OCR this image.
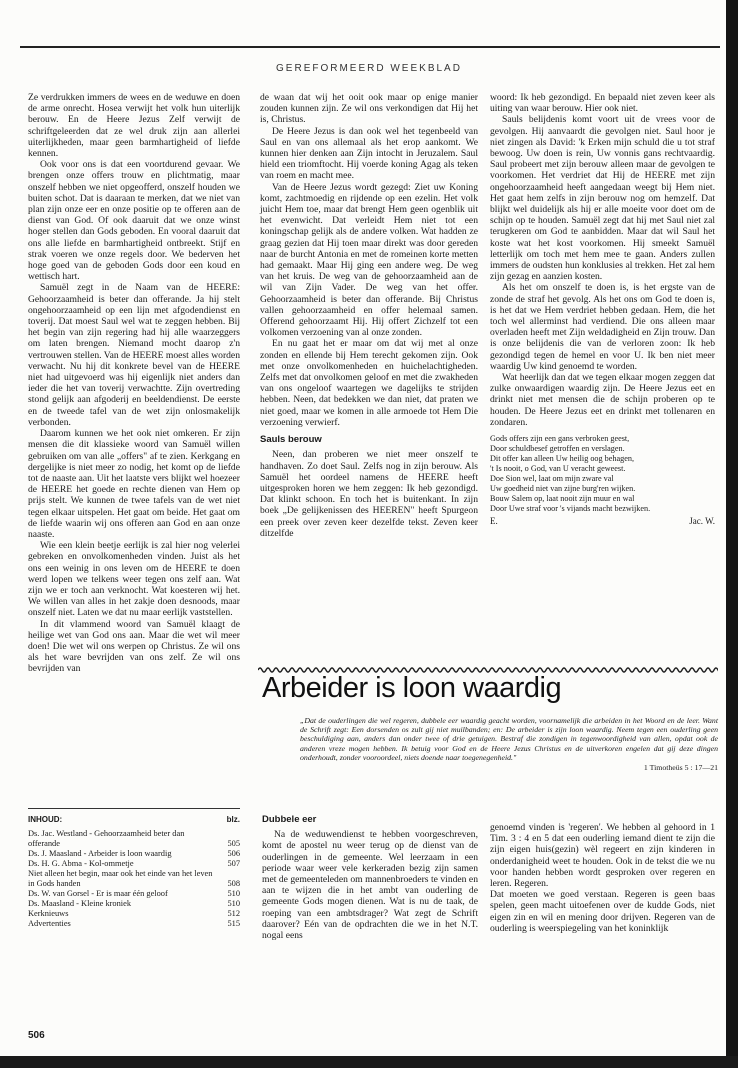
GEREFORMEERD WEEKBLAD

Ze verdrukken immers de wees en de weduwe en doen de arme onrecht. Hosea verwijt het volk hun uiterlijk berouw. En de Heere Jezus Zelf verwijt de schriftgeleerden dat ze wel druk zijn aan allerlei uiterlijkheden, maar geen barmhartigheid of liefde kennen.

Ook voor ons is dat een voortdurend gevaar. We brengen onze offers trouw en plichtmatig, maar onszelf hebben we niet opgeofferd, onszelf houden we buiten schot. Dat is daaraan te merken, dat we niet van plan zijn onze eer en onze positie op te offeren aan de dienst van God. Of ook daaruit dat we onze winst hoger stellen dan Gods geboden. En vooral daaruit dat ons alle liefde en barmhartigheid ontbreekt. Stijf en strak voeren we onze regels door. We bederven het hoge goed van de geboden Gods door een koud en wettisch hart.

Samuël zegt in de Naam van de HEERE: Gehoorzaamheid is beter dan offerande. Ja hij stelt ongehoorzaamheid op een lijn met afgodendienst en toverij. Dat moest Saul wel wat te zeggen hebben. Bij het begin van zijn regering had hij alle waarzeggers om laten brengen. Niemand mocht daarop z'n vertrouwen stellen. Van de HEERE moest alles worden verwacht. Nu hij dit konkrete bevel van de HEERE niet had uitgevoerd was hij eigenlijk niet anders dan ieder die het van toverij verwachtte. Zijn overtreding stond gelijk aan afgoderij en beeldendienst. De eerste en de tweede tafel van de wet zijn onlosmakelijk verbonden.

Daarom kunnen we het ook niet omkeren. Er zijn mensen die dit klassieke woord van Samuël willen gebruiken om van alle „offers" af te zien. Kerkgang en dergelijke is niet meer zo nodig, het komt op de liefde tot de naaste aan. Uit het laatste vers blijkt wel hoezeer de HEERE het goede en rechte dienen van Hem op prijs stelt. We kunnen de twee tafels van de wet niet tegen elkaar uitspelen. Het gaat om beide. Het gaat om de liefde waarin wij ons offeren aan God en aan onze naaste.

Wie een klein beetje eerlijk is zal hier nog velerlei gebreken en onvolkomenheden vinden. Juist als het ons een weinig in ons leven om de HEERE te doen werd lopen we telkens weer tegen ons zelf aan. Wat zijn we er toch aan verknocht. Wat koesteren wij het. We willen van alles in het zakje doen desnoods, maar onszelf niet. Laten we dat nu maar eerlijk vaststellen.

In dit vlammend woord van Samuël klaagt de heilige wet van God ons aan. Maar die wet wil meer doen! Die wet wil ons werpen op Christus. Ze wil ons als het ware bevrijden van ons zelf. Ze wil ons bevrijden van

de waan dat wij het ooit ook maar op enige manier zouden kunnen zijn. Ze wil ons verkondigen dat Hij het is, Christus.

De Heere Jezus is dan ook wel het tegenbeeld van Saul en van ons allemaal als het erop aankomt. We kunnen hier denken aan Zijn intocht in Jeruzalem. Saul hield een triomftocht. Hij voerde koning Agag als teken van roem en macht mee.

Van de Heere Jezus wordt gezegd: Ziet uw Koning komt, zachtmoedig en rijdende op een ezelin. Het volk juicht Hem toe, maar dat brengt Hem geen ogenblik uit het evenwicht. Dat verleidt Hem niet tot een koningschap gelijk als de andere volken. Wat hadden ze graag gezien dat Hij toen maar direkt was door gereden naar de burcht Antonia en met de romeinen korte metten had gemaakt. Maar Hij ging een andere weg. De weg van het kruis. De weg van de gehoorzaamheid aan de wil van Zijn Vader. De weg van het offer. Gehoorzaamheid is beter dan offerande. Bij Christus vallen gehoorzaamheid en offer helemaal samen. Offerend gehoorzaamt Hij. Hij offert Zichzelf tot een volkomen verzoening van al onze zonden.

En nu gaat het er maar om dat wij met al onze zonden en ellende bij Hem terecht gekomen zijn. Ook met onze onvolkomenheden en huichelachtigheden. Zelfs met dat onvolkomen geloof en met die zwakheden van ons ongeloof waartegen we dagelijks te strijden hebben. Neen, dat bedekken we dan niet, dat praten we niet goed, maar we komen in alle armoede tot Hem Die verzoening verwierf.

Sauls berouw

Neen, dan proberen we niet meer onszelf te handhaven. Zo doet Saul. Zelfs nog in zijn berouw. Als Samuël het oordeel namens de HEERE heeft uitgesproken horen we hem zeggen: Ik heb gezondigd. Dat klinkt schoon. En toch het is buitenkant. In zijn boek „De gelijkenissen des HEEREN" heeft Spurgeon een preek over zeven keer dezelfde tekst. Zeven keer ditzelfde

woord: Ik heb gezondigd. En bepaald niet zeven keer als uiting van waar berouw. Hier ook niet.

Sauls belijdenis komt voort uit de vrees voor de gevolgen. Hij aanvaardt die gevolgen niet. Saul hoor je niet zingen als David: 'k Erken mijn schuld die u tot straf bewoog. Uw doen is rein, Uw vonnis gans rechtvaardig. Saul probeert met zijn berouw alleen maar de gevolgen te voorkomen. Het verdriet dat Hij de HEERE met zijn ongehoorzaamheid heeft aangedaan weegt bij Hem niet. Het gaat hem zelfs in zijn berouw nog om hemzelf. Dat blijkt wel duidelijk als hij er alle moeite voor doet om de schijn op te houden. Samuël zegt dat hij met Saul niet zal terugkeren om God te aanbidden. Maar dat wil Saul het koste wat het kost voorkomen. Hij smeekt Samuël letterlijk om toch met hem mee te gaan. Anders zullen immers de oudsten hun konklusies al trekken. Het zal hem zijn gezag en aanzien kosten.

Als het om onszelf te doen is, is het ergste van de zonde de straf het gevolg. Als het ons om God te doen is, is het dat we Hem verdriet hebben gedaan. Hem, die het toch wel allerminst had verdiend. Die ons alleen maar overladen heeft met Zijn weldadigheid en Zijn trouw. Dan is onze belijdenis die van de verloren zoon: Ik heb gezondigd tegen de hemel en voor U. Ik ben niet meer waardig Uw kind genoemd te worden.

Wat heerlijk dan dat we tegen elkaar mogen zeggen dat zulke onwaardigen waardig zijn. De Heere Jezus eet en drinkt niet met mensen die de schijn proberen op te houden. De Heere Jezus eet en drinkt met tollenaren en zondaren.

Gods offers zijn een gans verbroken geest,
Door schuldbesef getroffen en verslagen.
Dit offer kan alleen Uw heilig oog behagen,
't Is nooit, o God, van U veracht geweest.
Doe Sion wel, laat om mijn zware val
Uw goedheid niet van zijne burg'ren wijken.
Bouw Salem op, laat nooit zijn muur en wal
Door Uwe straf voor 's vijands macht bezwijken.
E.	Jac. W.
Arbeider is loon waardig
„Dat de ouderlingen die wel regeren, dubbele eer waardig geacht worden, voornamelijk die arbeiden in het Woord en de leer. Want de Schrift zegt: Een dorsenden os zult gij niet muilbanden; en: De arbeider is zijn loon waardig. Neem tegen een ouderling geen beschuldiging aan, anders dan onder twee of drie getuigen. Bestraf die zondigen in tegenwoordigheid van allen, opdat ook de anderen vreze mogen hebben. Ik betuig voor God en de Heere Jezus Christus en de uitverkoren engelen dat gij deze dingen onderhoudt, zonder vooroordeel, niets doende naar toegenegenheid."
1 Timotheüs 5 : 17—21
Dubbele eer

Na de weduwendienst te hebben voorgeschreven, komt de apostel nu weer terug op de dienst van de ouderlingen in de gemeente. Wel leerzaam in een periode waar weer vele kerkeraden bezig zijn samen met de gemeenteleden om mannenbroeders te vinden en aan te wijzen die in het ambt van ouderling de gemeente Gods mogen dienen. Wat is nu de taak, de roeping van een ambtsdrager? Wat zegt de Schrift daarover? Eén van de opdrachten die we in het N.T. nogal eens

genoemd vinden is 'regeren'. We hebben al gehoord in 1 Tim. 3 : 4 en 5 dat een ouderling iemand dient te zijn die zijn eigen huis(gezin) wèl regeert en zijn kinderen in onderdanigheid weet te houden. Ook in de tekst die we nu voor handen hebben wordt gesproken over regeren en leren. Regeren.

Dat moeten we goed verstaan. Regeren is geen baas spelen, geen macht uitoefenen over de kudde Gods, niet eigen zin en wil en mening door drijven. Regeren van de ouderling is weerspiegeling van het koninklijk

INHOUD:	blz.
Ds. Jac. Westland - Gehoorzaamheid beter dan offerande	505
Ds. J. Maasland - Arbeider is loon waardig	506
Ds. H. G. Abma - Kol-ommetje	507
Niet alleen het begin, maar ook het einde van het leven in Gods handen	508
Ds. W. van Gorsel - Er is maar één geloof	510
Ds. Maasland - Kleine kroniek	510
Kerknieuws	512
Advertenties	515
506
